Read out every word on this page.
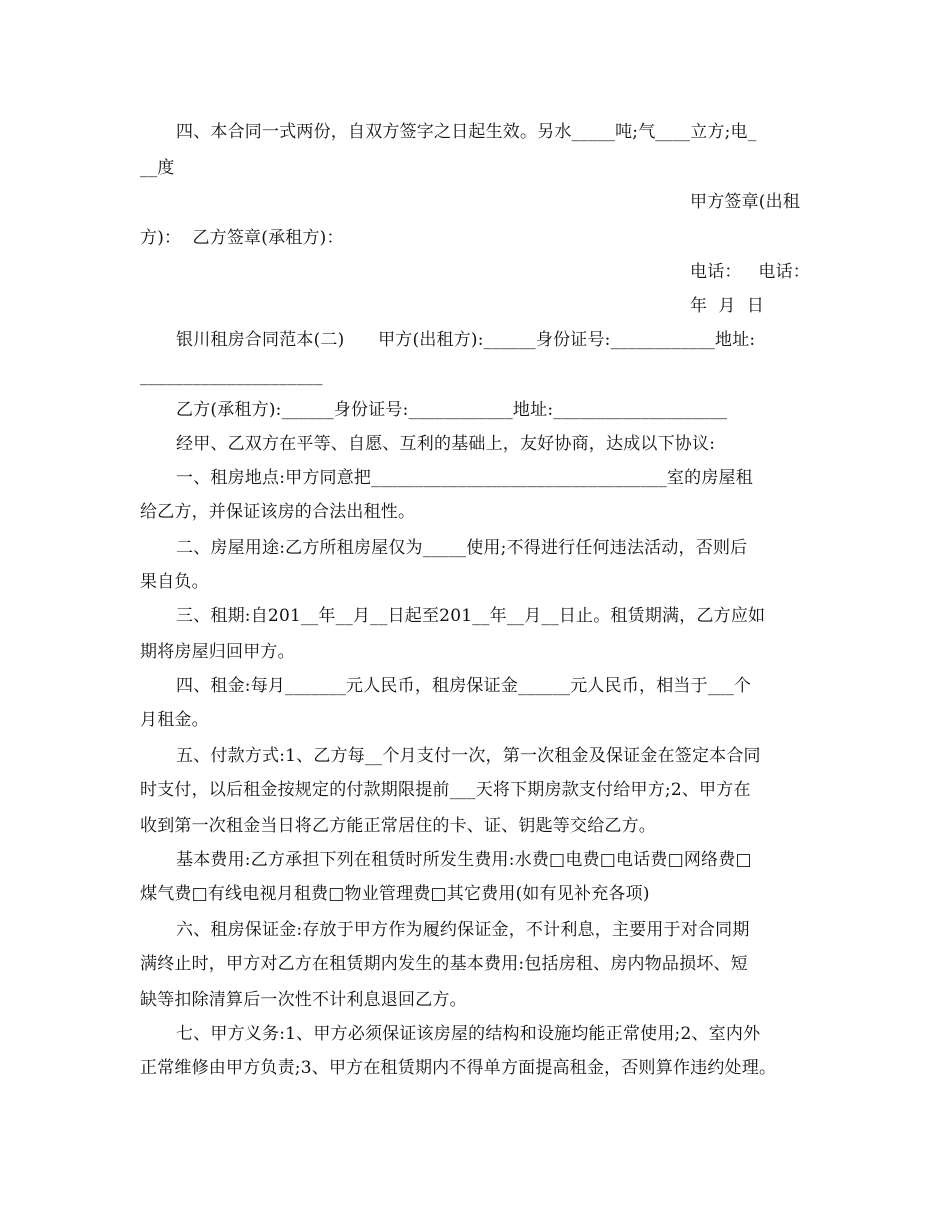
四、本合同一式两份，自双方签字之日起生效。另水_____吨;气____立方;电_
__度
甲方签章(出租
方)：  乙方签章(承租方)：
电话：   电话：
年  月  日
银川租房合同范本(二)      甲方(出租方):______身份证号:____________地址:
_____________________
乙方(承租方):______身份证号:____________地址:____________________
经甲、乙双方在平等、自愿、互利的基础上，友好协商，达成以下协议:
一、租房地点:甲方同意把__________________________________室的房屋租
给乙方，并保证该房的合法出租性。
二、房屋用途:乙方所租房屋仅为_____使用;不得进行任何违法活动，否则后
果自负。
三、租期:自201__年__月__日起至201__年__月__日止。租赁期满，乙方应如
期将房屋归回甲方。
四、租金:每月_______元人民币，租房保证金______元人民币，相当于___个
月租金。
五、付款方式:1、乙方每__个月支付一次，第一次租金及保证金在签定本合同
时支付，以后租金按规定的付款期限提前___天将下期房款支付给甲方;2、甲方在
收到第一次租金当日将乙方能正常居住的卡、证、钥匙等交给乙方。
基本费用:乙方承担下列在租赁时所发生费用:水费□电费□电话费□网络费□
煤气费□有线电视月租费□物业管理费□其它费用(如有见补充各项)
六、租房保证金:存放于甲方作为履约保证金，不计利息，主要用于对合同期
满终止时，甲方对乙方在租赁期内发生的基本费用:包括房租、房内物品损坏、短
缺等扣除清算后一次性不计利息退回乙方。
七、甲方义务:1、甲方必须保证该房屋的结构和设施均能正常使用;2、室内外
正常维修由甲方负责;3、甲方在租赁期内不得单方面提高租金，否则算作违约处理。
